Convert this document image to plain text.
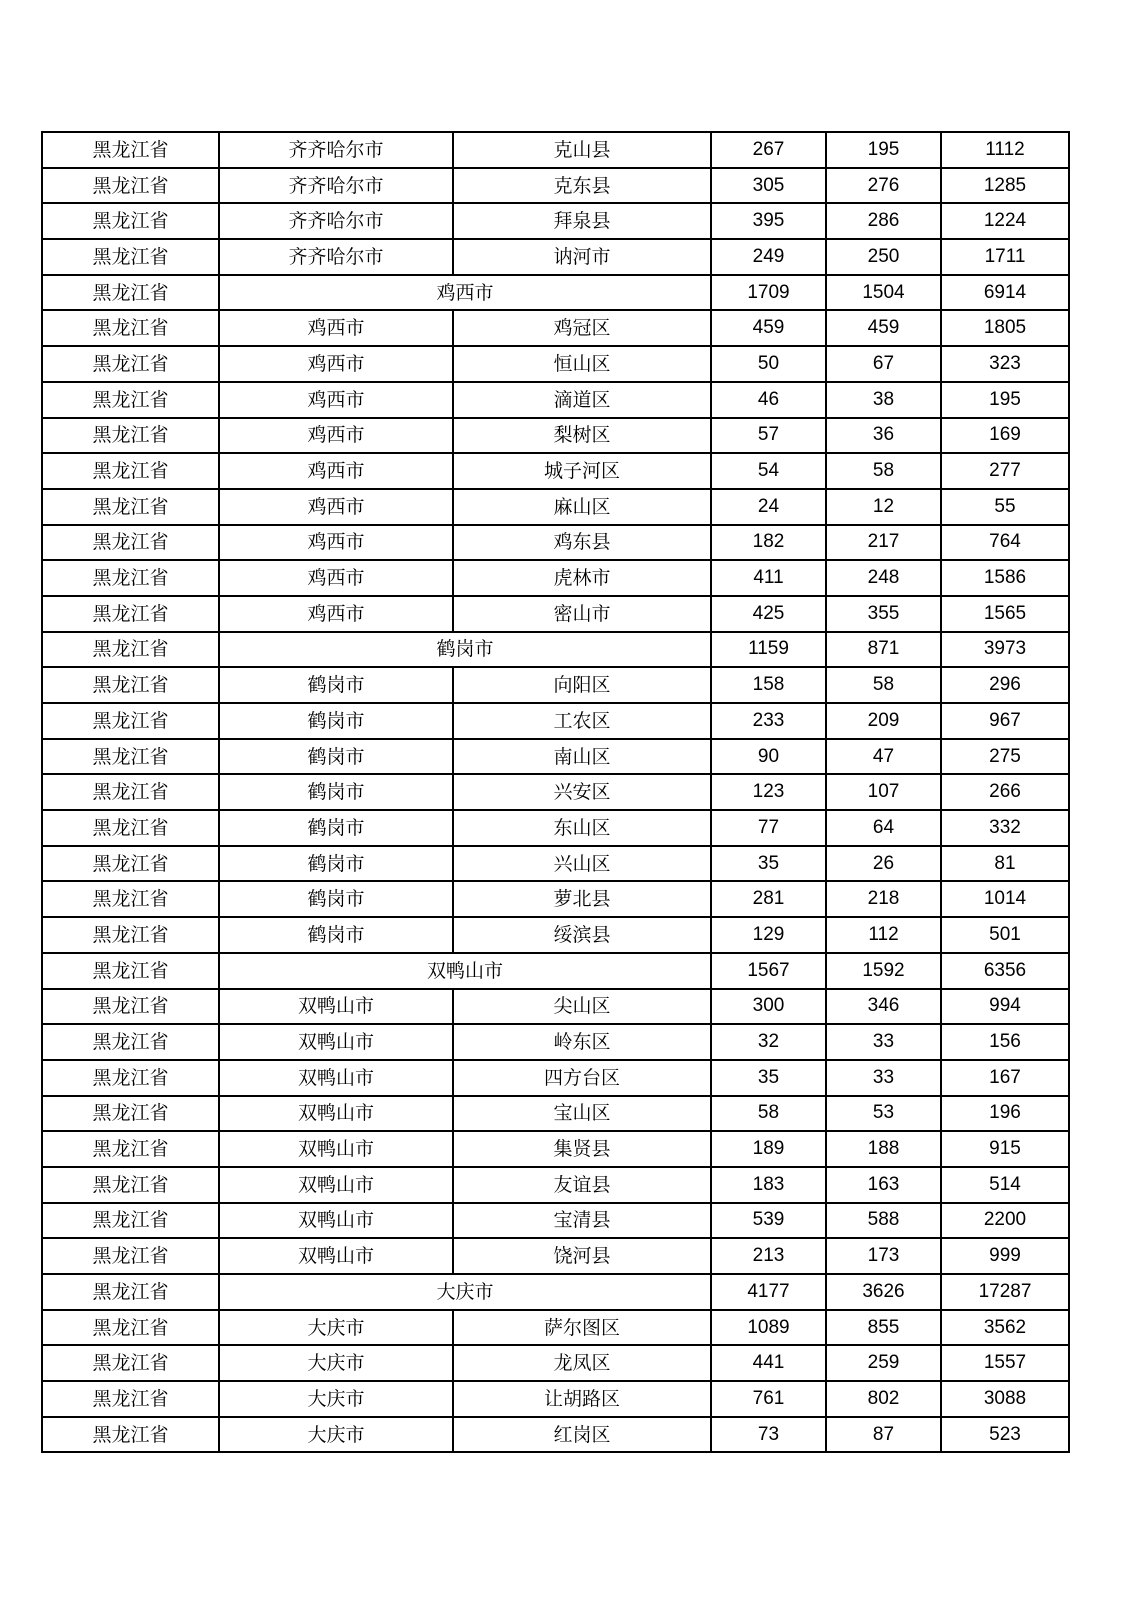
黑龙江省	齐齐哈尔市	克山县	267	195	1112
黑龙江省	齐齐哈尔市	克东县	305	276	1285
黑龙江省	齐齐哈尔市	拜泉县	395	286	1224
黑龙江省	齐齐哈尔市	讷河市	249	250	1711
黑龙江省	鸡西市		1709	1504	6914
黑龙江省	鸡西市	鸡冠区	459	459	1805
黑龙江省	鸡西市	恒山区	50	67	323
黑龙江省	鸡西市	滴道区	46	38	195
黑龙江省	鸡西市	梨树区	57	36	169
黑龙江省	鸡西市	城子河区	54	58	277
黑龙江省	鸡西市	麻山区	24	12	55
黑龙江省	鸡西市	鸡东县	182	217	764
黑龙江省	鸡西市	虎林市	411	248	1586
黑龙江省	鸡西市	密山市	425	355	1565
黑龙江省	鹤岗市		1159	871	3973
黑龙江省	鹤岗市	向阳区	158	58	296
黑龙江省	鹤岗市	工农区	233	209	967
黑龙江省	鹤岗市	南山区	90	47	275
黑龙江省	鹤岗市	兴安区	123	107	266
黑龙江省	鹤岗市	东山区	77	64	332
黑龙江省	鹤岗市	兴山区	35	26	81
黑龙江省	鹤岗市	萝北县	281	218	1014
黑龙江省	鹤岗市	绥滨县	129	112	501
黑龙江省	双鸭山市		1567	1592	6356
黑龙江省	双鸭山市	尖山区	300	346	994
黑龙江省	双鸭山市	岭东区	32	33	156
黑龙江省	双鸭山市	四方台区	35	33	167
黑龙江省	双鸭山市	宝山区	58	53	196
黑龙江省	双鸭山市	集贤县	189	188	915
黑龙江省	双鸭山市	友谊县	183	163	514
黑龙江省	双鸭山市	宝清县	539	588	2200
黑龙江省	双鸭山市	饶河县	213	173	999
黑龙江省	大庆市		4177	3626	17287
黑龙江省	大庆市	萨尔图区	1089	855	3562
黑龙江省	大庆市	龙凤区	441	259	1557
黑龙江省	大庆市	让胡路区	761	802	3088
黑龙江省	大庆市	红岗区	73	87	523
